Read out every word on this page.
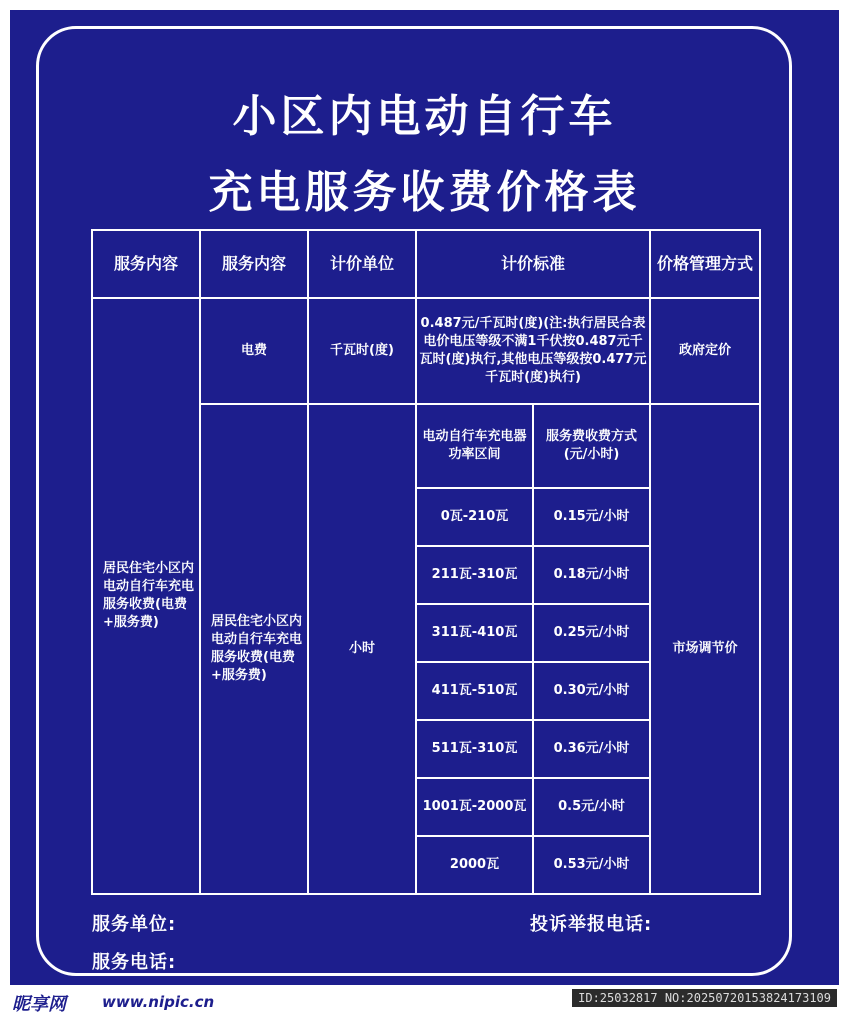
小区内电动自行车
充电服务收费价格表
服务内容	服务内容	计价单位	计价标准		价格管理方式
居民住宅小区内电动自行车充电服务收费(电费+服务费)	电费	千瓦时(度)	0.487元/千瓦时(度)(注:执行居民合表电价电压等级不满1千伏按0.487元千瓦时(度)执行,其他电压等级按0.477元千瓦时(度)执行)		政府定价
	居民住宅小区内电动自行车充电服务收费(电费+服务费)	小时	电动自行车充电器功率区间	服务费收费方式(元/小时)	市场调节价
			0瓦-210瓦	0.15元/小时	
			211瓦-310瓦	0.18元/小时	
			311瓦-410瓦	0.25元/小时	
			411瓦-510瓦	0.30元/小时	
			511瓦-310瓦	0.36元/小时	
			1001瓦-2000瓦	0.5元/小时	
			2000瓦	0.53元/小时	
服务单位:
服务电话:
投诉举报电话:
昵享网 www.nipic.cn	ID:25032817 NO:20250720153824173109
